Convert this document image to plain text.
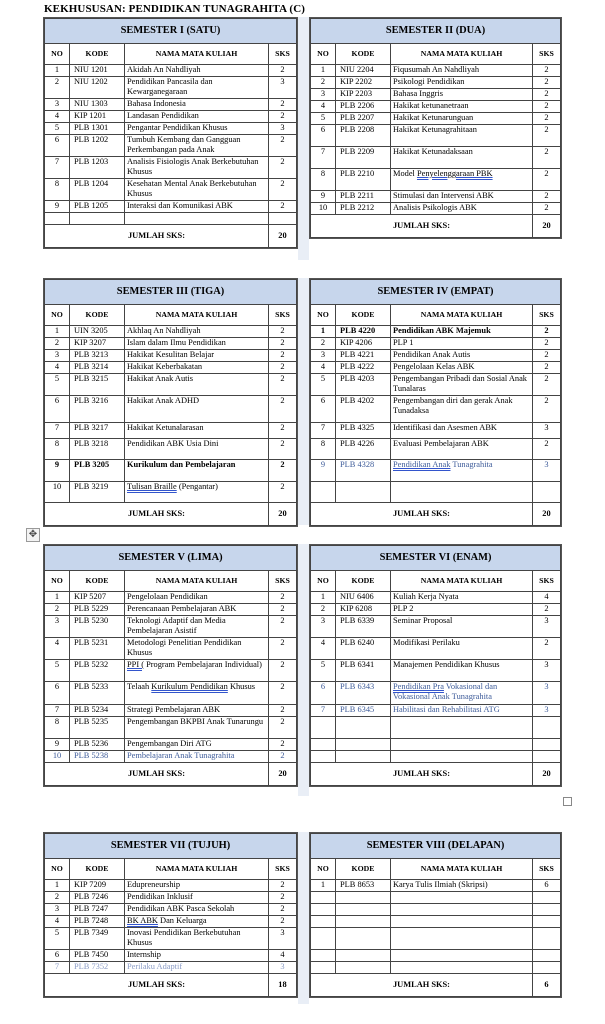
KEKHUSUSAN: PENDIDIKAN TUNAGRAHITA (C)
✥
SEMESTER I (SATU)			
NO	KODE	NAMA MATA KULIAH	SKS
1	NIU 1201	Akidah An Nahdliyah	2
2	NIU 1202	Pendidikan Pancasila dan Kewarganegaraan	3
3	NIU 1303	Bahasa Indonesia	2
4	KIP 1201	Landasan Pendidikan	2
5	PLB 1301	Pengantar Pendidikan Khusus	3
6	PLB 1202	Tumbuh Kembang dan Gangguan Perkembangan pada Anak	2
7	PLB 1203	Analisis Fisiologis Anak Berkebutuhan Khusus	2
8	PLB 1204	Kesehatan Mental Anak Berkebutuhan Khusus	2
9	PLB 1205	Interaksi dan Komunikasi ABK	2

JUMLAH SKS:			20
SEMESTER II (DUA)			
NO	KODE	NAMA MATA KULIAH	SKS
1	NIU 2204	Fiqusumah An Nahdliyah	2
2	KIP 2202	Psikologi Pendidikan	2
3	KIP 2203	Bahasa Inggris	2
4	PLB 2206	Hakikat ketunanetraan	2
5	PLB 2207	Hakikat Ketunarunguan	2
6	PLB 2208	Hakikat Ketunagrahitaan	2
7	PLB 2209	Hakikat Ketunadaksaan	2
8	PLB 2210	Model Penyelenggaraan PBK	2
9	PLB 2211	Stimulasi dan Intervensi ABK	2
10	PLB 2212	Analisis Psikologis ABK	2
JUMLAH SKS:			20
SEMESTER III (TIGA)			
NO	KODE	NAMA MATA KULIAH	SKS
1	UIN 3205	Akhlaq An Nahdliyah	2
2	KIP 3207	Islam dalam Ilmu Pendidikan	2
3	PLB 3213	Hakikat Kesulitan Belajar	2
4	PLB 3214	Hakikat Keberbakatan	2
5	PLB 3215	Hakikat Anak Autis	2
6	PLB 3216	Hakikat Anak ADHD	2
7	PLB 3217	Hakikat Ketunalarasan	2
8	PLB 3218	Pendidikan ABK Usia Dini	2
9	PLB 3205	Kurikulum dan Pembelajaran	2
10	PLB 3219	Tulisan Braille (Pengantar)	2
JUMLAH SKS:			20
SEMESTER IV (EMPAT)			
NO	KODE	NAMA MATA KULIAH	SKS
1	PLB 4220	Pendidikan ABK Majemuk	2
2	KIP 4206	PLP 1	2
3	PLB 4221	Pendidikan Anak Autis	2
4	PLB 4222	Pengelolaan Kelas ABK	2
5	PLB 4203	Pengembangan Pribadi dan Sosial Anak Tunalaras	2
6	PLB 4202	Pengembangan diri dan gerak Anak Tunadaksa	2
7	PLB 4325	Identifikasi dan Asesmen ABK	3
8	PLB 4226	Evaluasi Pembelajaran ABK	2
9	PLB 4328	Pendidikan Anak Tunagrahita	3

JUMLAH SKS:			20
SEMESTER V (LIMA)			
NO	KODE	NAMA MATA KULIAH	SKS
1	KIP 5207	Pengelolaan Pendidikan	2
2	PLB 5229	Perencanaan Pembelajaran ABK	2
3	PLB 5230	Teknologi Adaptif dan Media Pembelajaran Asistif	2
4	PLB 5231	Metodologi Penelitian Pendidikan Khusus	2
5	PLB 5232	PPI ( Program Pembelajaran Individual)	2
6	PLB 5233	Telaah Kurikulum Pendidikan Khusus	2
7	PLB 5234	Strategi Pembelajaran ABK	2
8	PLB 5235	Pengembangan BKPBI Anak Tunarungu	2
9	PLB 5236	Pengembangan Diri ATG	2
10	PLB 5238	Pembelajaran Anak Tunagrahita	2
JUMLAH SKS:			20
SEMESTER VI (ENAM)			
NO	KODE	NAMA MATA KULIAH	SKS
1	NIU 6406	Kuliah Kerja Nyata	4
2	KIP 6208	PLP 2	2
3	PLB 6339	Seminar Proposal	3
4	PLB 6240	Modifikasi Perilaku	2
5	PLB 6341	Manajemen Pendidikan Khusus	3
6	PLB 6343	Pendidikan Pra Vokasional dan Vokasional Anak Tunagrahita	3
7	PLB 6345	Habilitasi dan Rehabilitasi ATG	3

JUMLAH SKS:			20
SEMESTER VII (TUJUH)			
NO	KODE	NAMA MATA KULIAH	SKS
1	KIP 7209	Edupreneurship	2
2	PLB 7246	Pendidikan Inklusif	2
3	PLB 7247	Pendidikan ABK Pasca Sekolah	2
4	PLB 7248	BK ABK Dan Keluarga	2
5	PLB 7349	Inovasi Pendidikan Berkebutuhan Khusus	3
6	PLB 7450	Internship	4
7	PLB 7352	Perilaku Adaptif	3
JUMLAH SKS:			18
SEMESTER VIII (DELAPAN)			
NO	KODE	NAMA MATA KULIAH	SKS
1	PLB 8653	Karya Tulis Ilmiah (Skripsi)	6

JUMLAH SKS:			6
